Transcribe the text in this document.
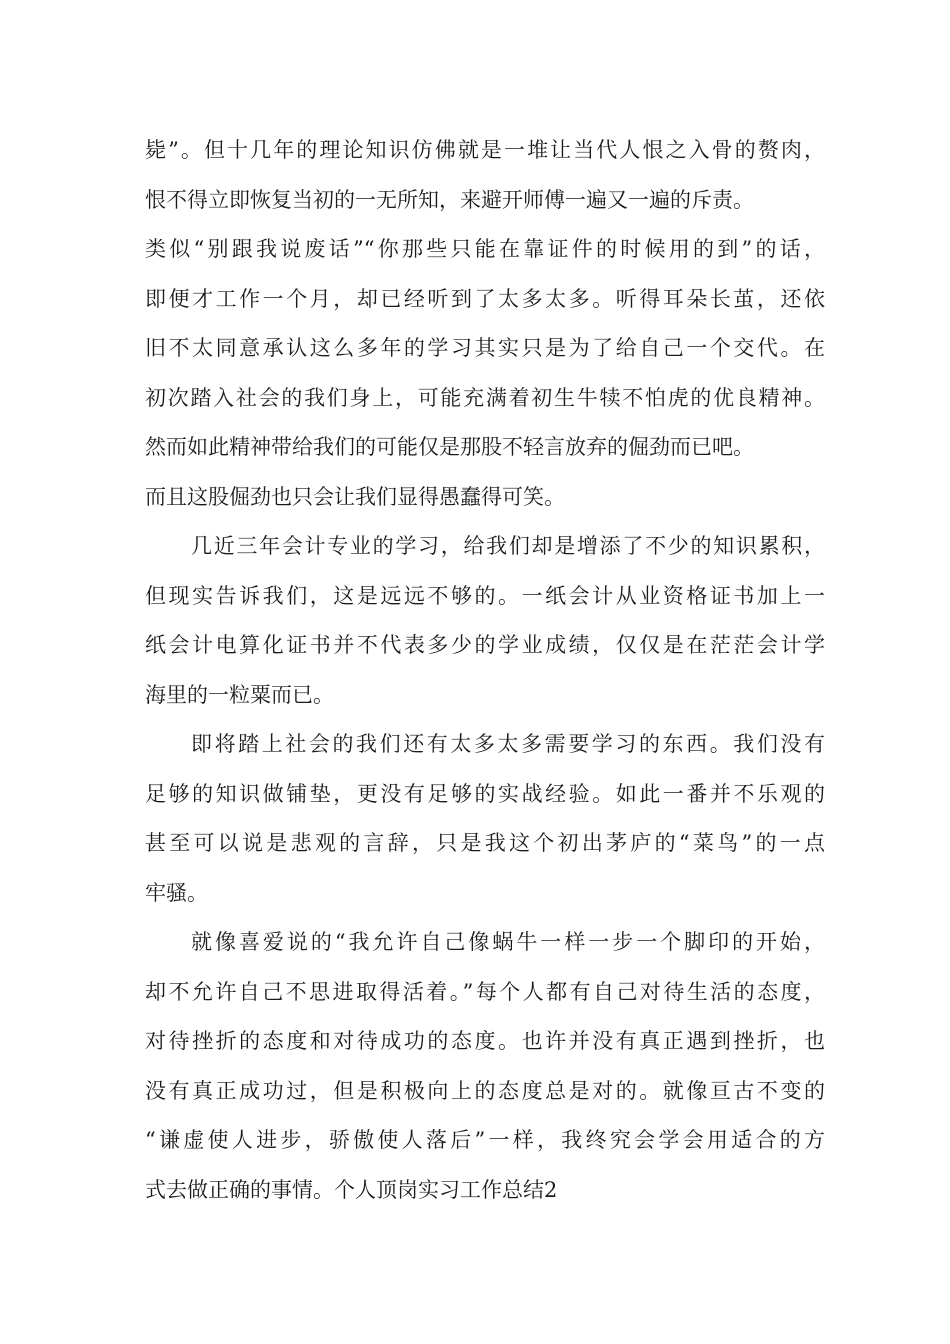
毙”。但十几年的理论知识仿佛就是一堆让当代人恨之入骨的赘肉，
恨不得立即恢复当初的一无所知，来避开师傅一遍又一遍的斥责。
类似“别跟我说废话”“你那些只能在靠证件的时候用的到”的话，
即便才工作一个月，却已经听到了太多太多。听得耳朵长茧，还依
旧不太同意承认这么多年的学习其实只是为了给自己一个交代。在
初次踏入社会的我们身上，可能充满着初生牛犊不怕虎的优良精神。
然而如此精神带给我们的可能仅是那股不轻言放弃的倔劲而已吧。
而且这股倔劲也只会让我们显得愚蠢得可笑。
几近三年会计专业的学习，给我们却是增添了不少的知识累积，
但现实告诉我们，这是远远不够的。一纸会计从业资格证书加上一
纸会计电算化证书并不代表多少的学业成绩，仅仅是在茫茫会计学
海里的一粒粟而已。
即将踏上社会的我们还有太多太多需要学习的东西。我们没有
足够的知识做铺垫，更没有足够的实战经验。如此一番并不乐观的
甚至可以说是悲观的言辞，只是我这个初出茅庐的“菜鸟”的一点
牢骚。
就像喜爱说的“我允许自己像蜗牛一样一步一个脚印的开始，
却不允许自己不思进取得活着。”每个人都有自己对待生活的态度，
对待挫折的态度和对待成功的态度。也许并没有真正遇到挫折，也
没有真正成功过，但是积极向上的态度总是对的。就像亘古不变的
“谦虚使人进步，骄傲使人落后”一样，我终究会学会用适合的方
式去做正确的事情。个人顶岗实习工作总结2
